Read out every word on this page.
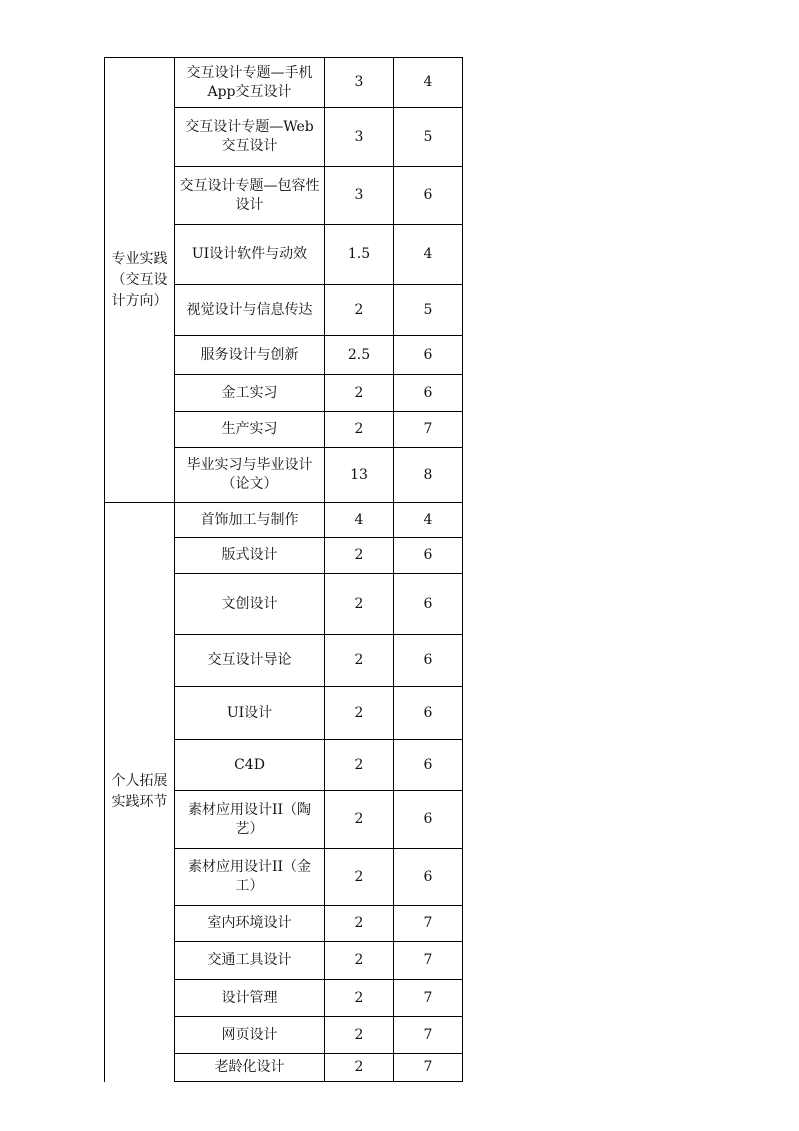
专业实践（交互设计方向）	交互设计专题—手机App交互设计	3	4
	交互设计专题—Web交互设计	3	5
	交互设计专题—包容性设计	3	6
	UI设计软件与动效	1.5	4
	视觉设计与信息传达	2	5
	服务设计与创新	2.5	6
	金工实习	2	6
	生产实习	2	7
	毕业实习与毕业设计（论文）	13	8
个人拓展实践环节	首饰加工与制作	4	4
	版式设计	2	6
	文创设计	2	6
	交互设计导论	2	6
	UI设计	2	6
	C4D	2	6
	素材应用设计II（陶艺）	2	6
	素材应用设计II（金工）	2	6
	室内环境设计	2	7
	交通工具设计	2	7
	设计管理	2	7
	网页设计	2	7
	老龄化设计	2	7
